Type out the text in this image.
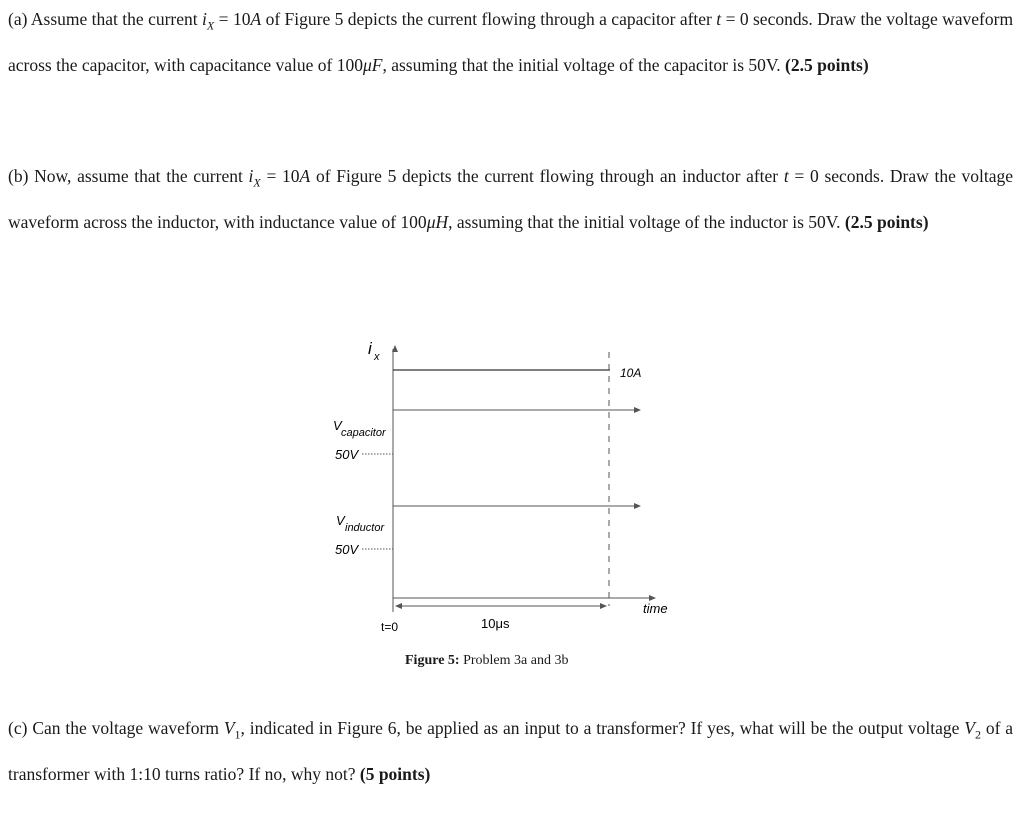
(a) Assume that the current $i_X = 10A$ of Figure 5 depicts the current flowing through a capacitor after t = 0 seconds. Draw the voltage waveform across the capacitor, with capacitance value of 100μF, assuming that the initial voltage of the capacitor is 50V. (2.5 points)
(b) Now, assume that the current $i_X = 10A$ of Figure 5 depicts the current flowing through an inductor after t = 0 seconds. Draw the voltage waveform across the inductor, with inductance value of 100μH, assuming that the initial voltage of the inductor is 50V. (2.5 points)
i x
10A
V capacitor
50V
V inductor
50V
time
t=0	10μs
Figure 5: Problem 3a and 3b
(c) Can the voltage waveform $V_1$, indicated in Figure 6, be applied as an input to a transformer? If yes, what will be the output voltage $V_2$ of a transformer with 1:10 turns ratio? If no, why not? (5 points)
